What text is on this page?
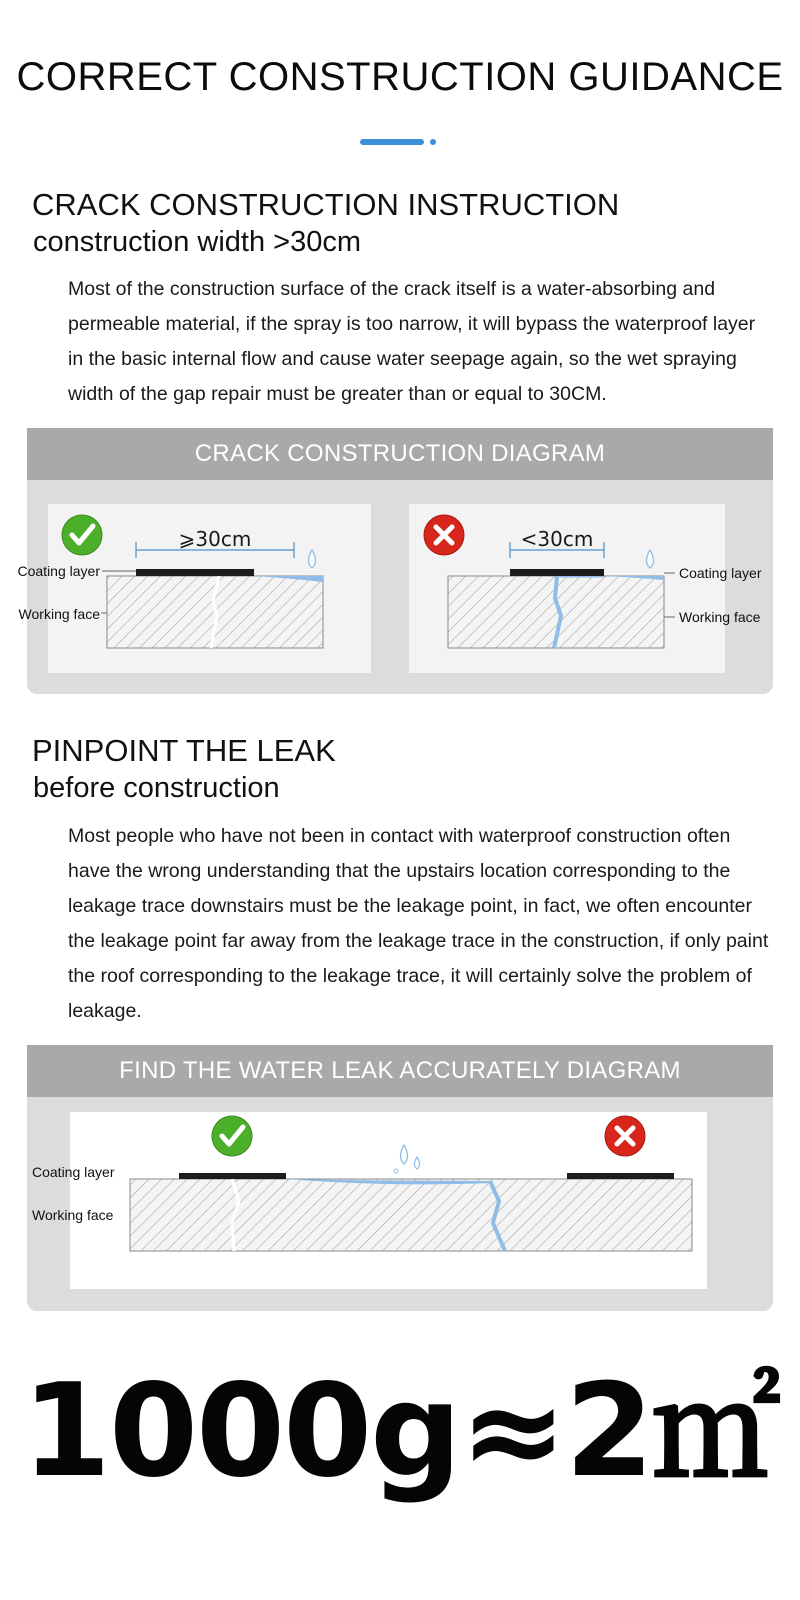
CORRECT CONSTRUCTION GUIDANCE
CRACK CONSTRUCTION INSTRUCTION
construction width >30cm
Most of the construction surface of the crack itself is a water-absorbing and permeable material, if the spray is too narrow, it will bypass the waterproof layer in the basic internal flow and cause water seepage again, so the wet spraying width of the gap repair must be greater than or equal to 30CM.
CRACK CONSTRUCTION DIAGRAM
⩾30cm
Coating layer
Working face
<30cm
Coating layer
Working face
PINPOINT THE LEAK
before construction
Most people who have not been in contact with waterproof construction often have the wrong understanding that the upstairs location corresponding to the leakage trace downstairs must be the leakage point, in fact, we often encounter the leakage point far away from the leakage trace in the construction, if only paint the roof corresponding to the leakage trace, it will certainly solve the problem of leakage.
FIND THE WATER LEAK ACCURATELY DIAGRAM
Coating layer
Working face
1000g≈2㎡
